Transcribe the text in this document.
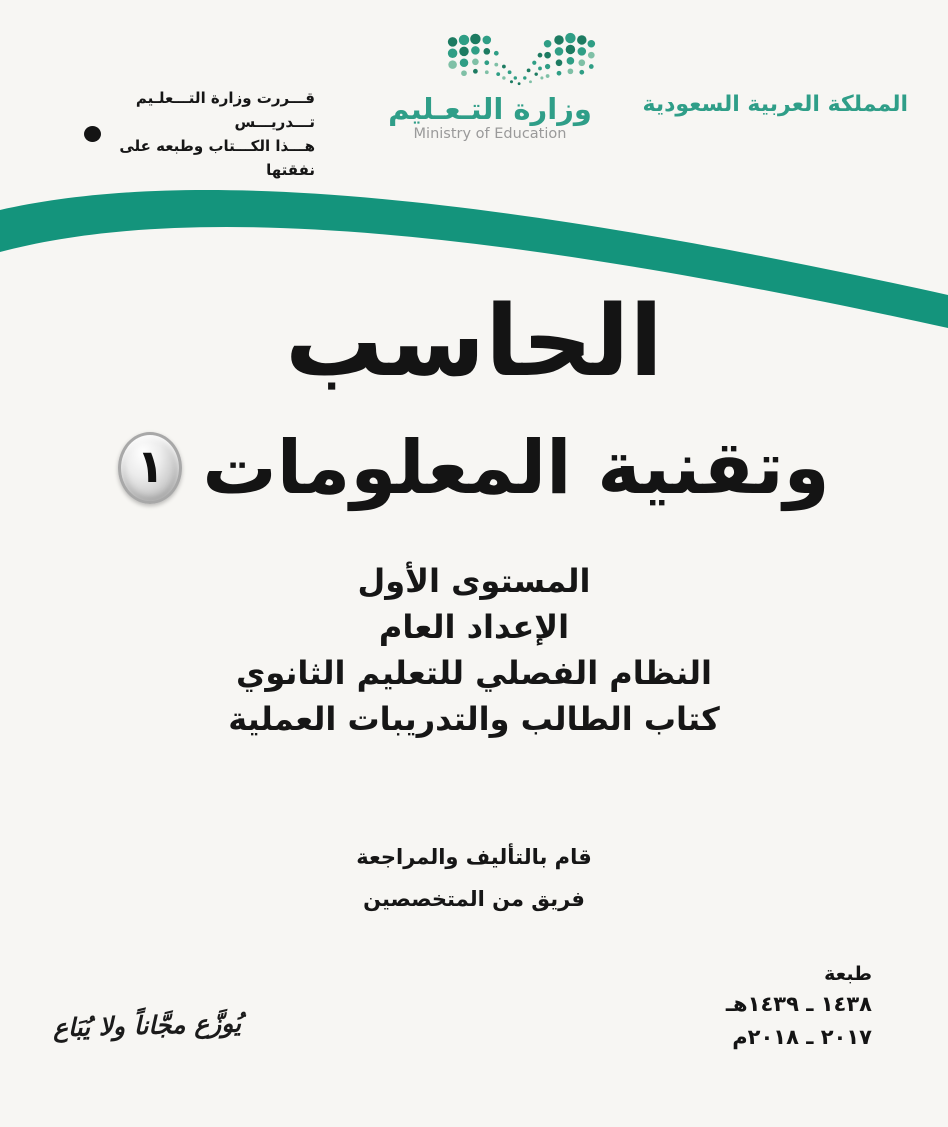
قـــررت وزارة التـــعلـيم تـــدريـــس
هـــذا الكـــتاب وطبعه على نفقتها
وزارة التـعـليم
Ministry of Education
المملكة العربية السعودية
الحاسب
وتقنية المعلومات
١
المستوى الأول
الإعداد العام
النظام الفصلي للتعليم الثانوي
كتاب الطالب والتدريبات العملية
قام بالتأليف والمراجعة
فريق من المتخصصين
طبعة
١٤٣٨ ـ ١٤٣٩هـ
٢٠١٧ ـ ٢٠١٨م
يُوزَّع مجَّاناً ولا يُبَاع
